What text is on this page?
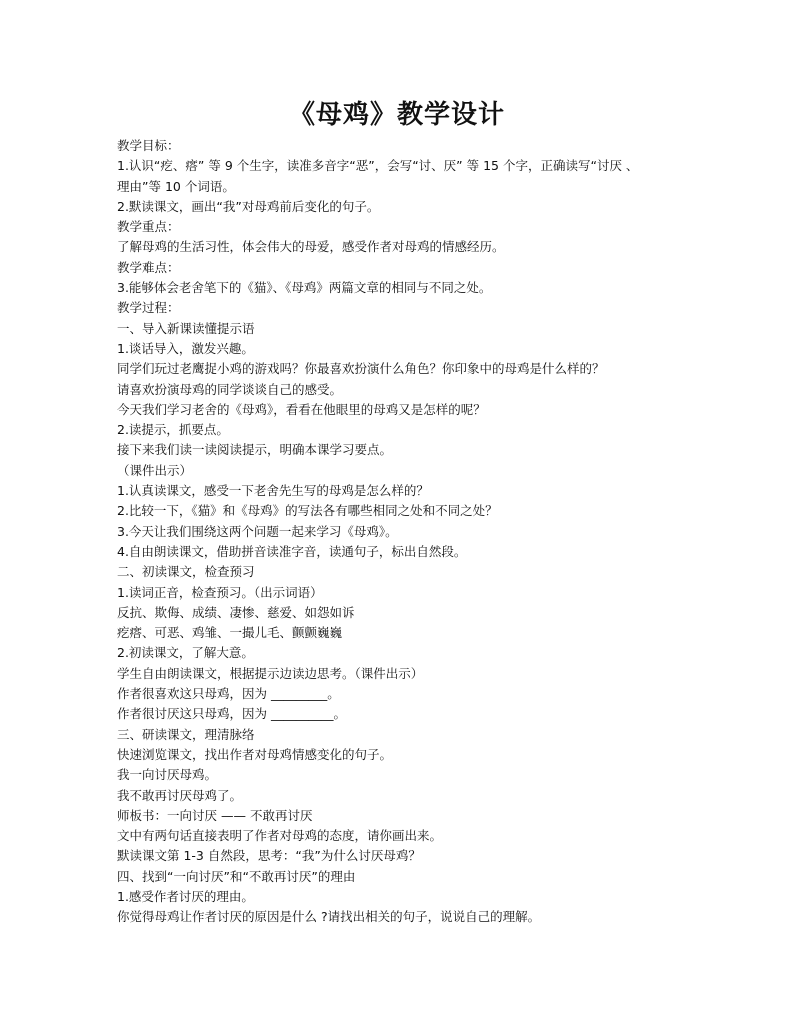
《母鸡》教学设计
教学目标：
1.认识“疙、瘩” 等 9 个生字，读准多音字“恶”，会写“讨、厌” 等 15 个字，正确读写“讨厌 、
理由”等 10 个词语。
2.默读课文，画出“我”对母鸡前后变化的句子。
教学重点：
了解母鸡的生活习性，体会伟大的母爱，感受作者对母鸡的情感经历。
教学难点：
3.能够体会老舍笔下的《猫》、《母鸡》两篇文章的相同与不同之处。
教学过程：
一、导入新课读懂提示语
1.谈话导入，激发兴趣。
同学们玩过老鹰捉小鸡的游戏吗？你最喜欢扮演什么角色？你印象中的母鸡是什么样的？
请喜欢扮演母鸡的同学谈谈自己的感受。
今天我们学习老舍的《母鸡》，看看在他眼里的母鸡又是怎样的呢？
2.读提示，抓要点。
接下来我们读一读阅读提示，明确本课学习要点。
（课件出示）
1.认真读课文，感受一下老舍先生写的母鸡是怎么样的？
2.比较一下，《猫》和《母鸡》的写法各有哪些相同之处和不同之处？
3.今天让我们围绕这两个问题一起来学习《母鸡》。
4.自由朗读课文，借助拼音读准字音，读通句子，标出自然段。
二、初读课文，检查预习
1.读词正音，检查预习。（出示词语）
反抗、欺侮、成绩、凄惨、慈爱、如怨如诉
疙瘩、可恶、鸡雏、一撮儿毛、颤颤巍巍
2.初读课文，了解大意。
学生自由朗读课文，根据提示边读边思考。（课件出示）
作者很喜欢这只母鸡，因为 _________。
作者很讨厌这只母鸡，因为 __________。
三、研读课文，理清脉络
快速浏览课文，找出作者对母鸡情感变化的句子。
我一向讨厌母鸡。
我不敢再讨厌母鸡了。
师板书：一向讨厌 —— 不敢再讨厌
文中有两句话直接表明了作者对母鸡的态度，请你画出来。
默读课文第 1-3 自然段，思考：“我”为什么讨厌母鸡？
四、找到“一向讨厌”和“不敢再讨厌”的理由
1.感受作者讨厌的理由。
你觉得母鸡让作者讨厌的原因是什么 ?请找出相关的句子，说说自己的理解。
